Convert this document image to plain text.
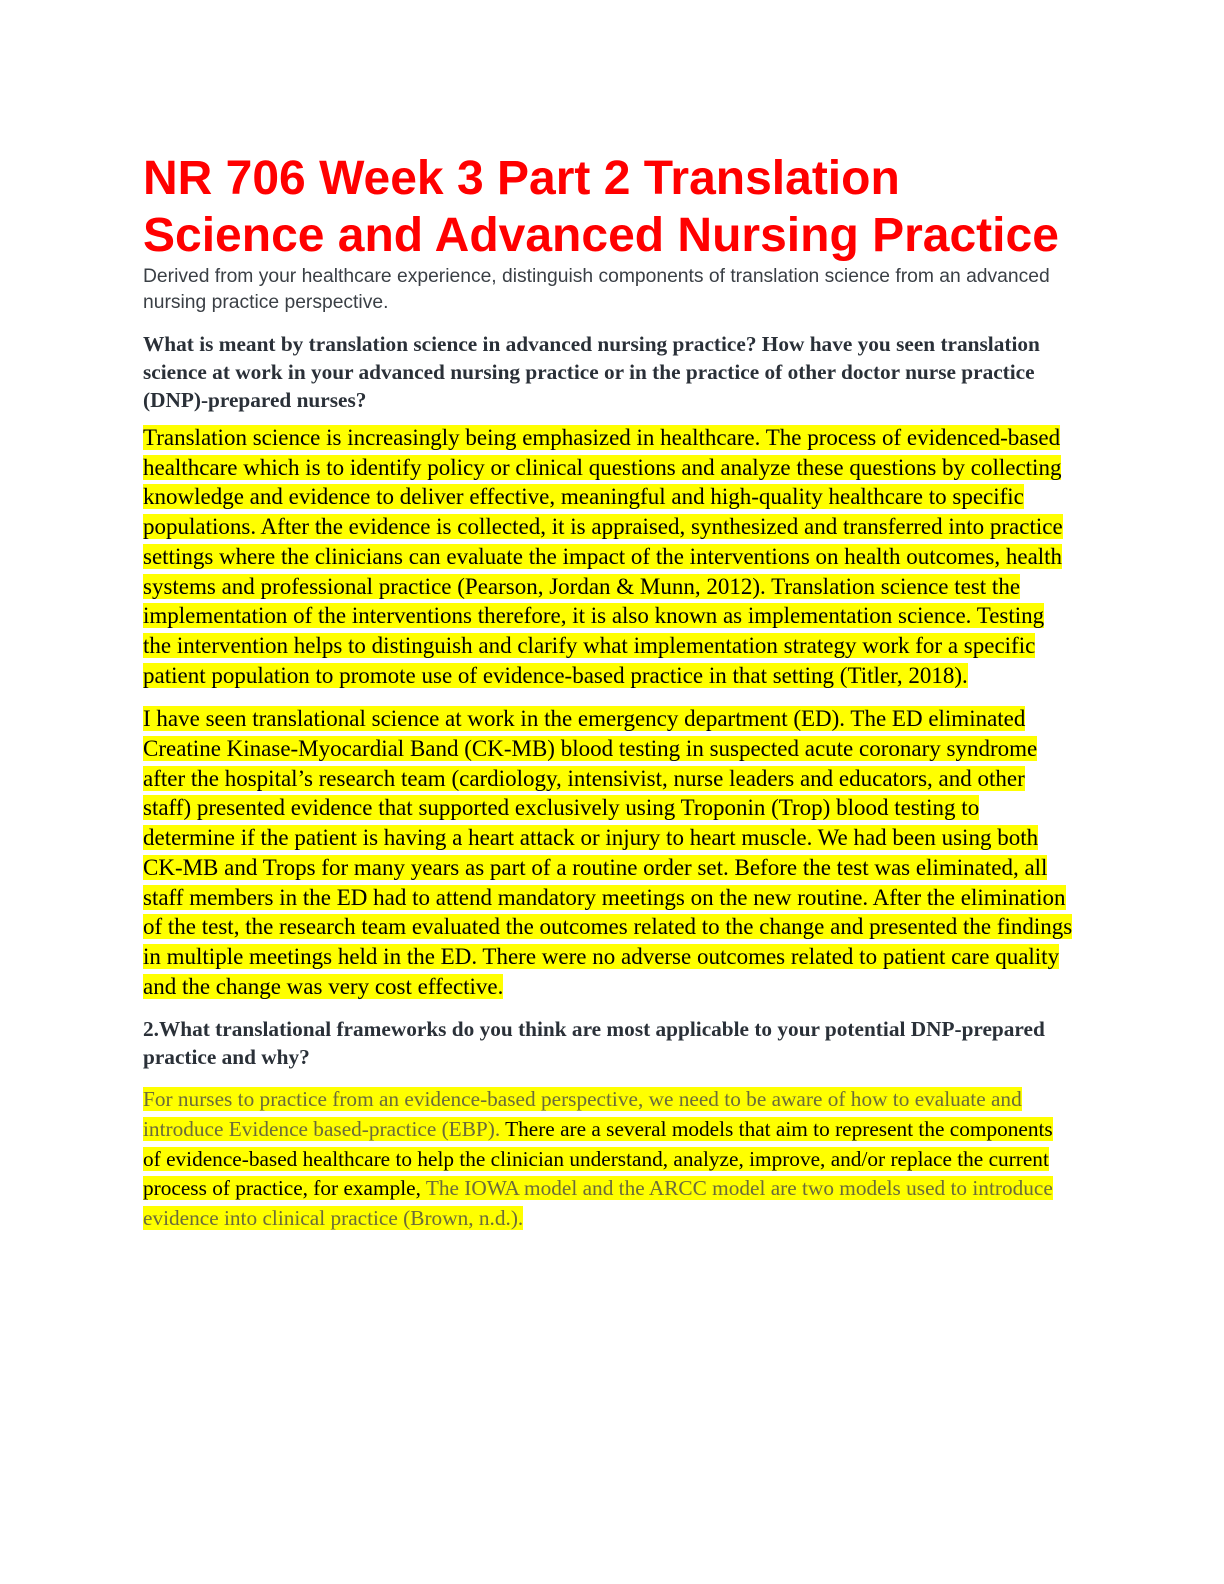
NR 706 Week 3 Part 2 Translation Science and Advanced Nursing Practice

Derived from your healthcare experience, distinguish components of translation science from an advanced nursing practice perspective.

What is meant by translation science in advanced nursing practice? How have you seen translation science at work in your advanced nursing practice or in the practice of other doctor nurse practice (DNP)-prepared nurses?

Translation science is increasingly being emphasized in healthcare. The process of evidenced-based healthcare which is to identify policy or clinical questions and analyze these questions by collecting knowledge and evidence to deliver effective, meaningful and high-quality healthcare to specific populations. After the evidence is collected, it is appraised, synthesized and transferred into practice settings where the clinicians can evaluate the impact of the interventions on health outcomes, health systems and professional practice (Pearson, Jordan & Munn, 2012). Translation science test the implementation of the interventions therefore, it is also known as implementation science. Testing the intervention helps to distinguish and clarify what implementation strategy work for a specific patient population to promote use of evidence-based practice in that setting (Titler, 2018).

I have seen translational science at work in the emergency department (ED). The ED eliminated Creatine Kinase-Myocardial Band (CK-MB) blood testing in suspected acute coronary syndrome after the hospital’s research team (cardiology, intensivist, nurse leaders and educators, and other staff) presented evidence that supported exclusively using Troponin (Trop) blood testing to determine if the patient is having a heart attack or injury to heart muscle. We had been using both CK-MB and Trops for many years as part of a routine order set. Before the test was eliminated, all staff members in the ED had to attend mandatory meetings on the new routine. After the elimination of the test, the research team evaluated the outcomes related to the change and presented the findings in multiple meetings held in the ED. There were no adverse outcomes related to patient care quality and the change was very cost effective.

2.What translational frameworks do you think are most applicable to your potential DNP-prepared practice and why?

For nurses to practice from an evidence-based perspective, we need to be aware of how to evaluate and introduce Evidence based-practice (EBP). There are a several models that aim to represent the components of evidence-based healthcare to help the clinician understand, analyze, improve, and/or replace the current process of practice, for example, The IOWA model and the ARCC model are two models used to introduce evidence into clinical practice (Brown, n.d.).
